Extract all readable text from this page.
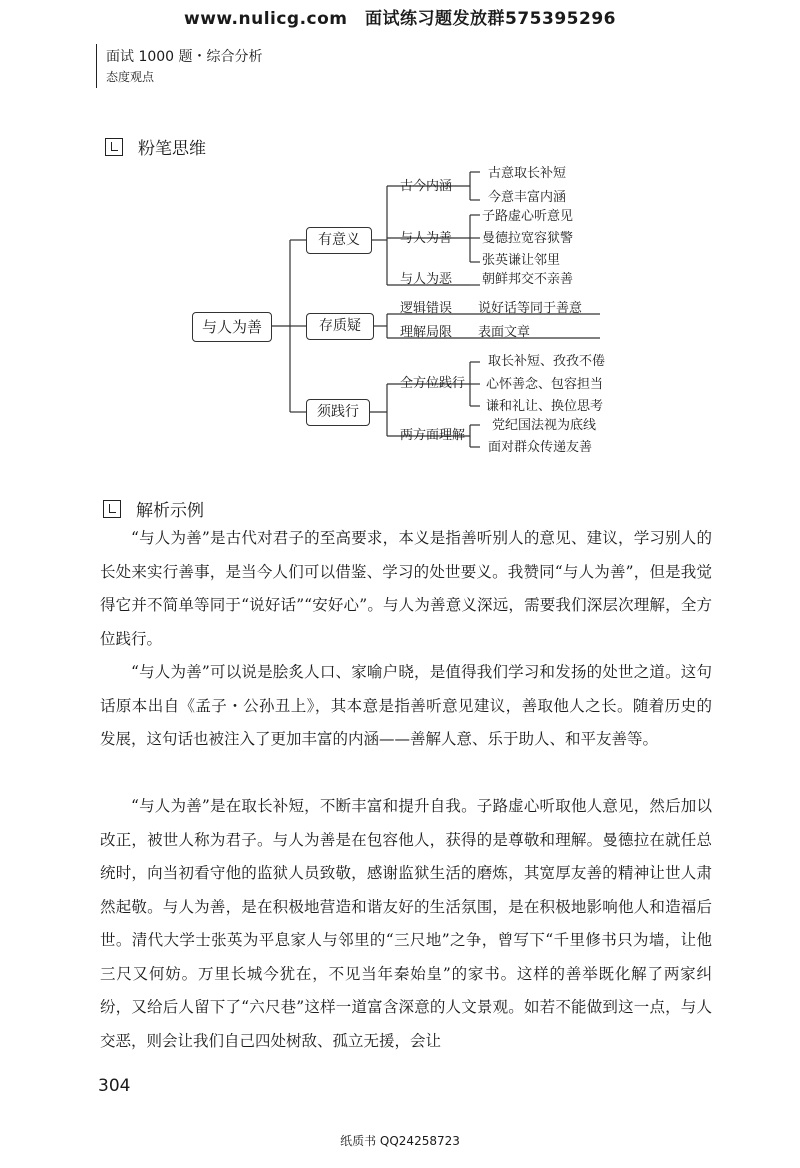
www.nulicg.com　面试练习题发放群575395296
面试 1000 题・综合分析
态度观点
粉笔思维
与人为善
有意义
存质疑
须践行
古今内涵
与人为善
与人为恶
古意取长补短
今意丰富内涵
子路虚心听意见
曼德拉宽容狱警
张英谦让邻里
朝鲜邦交不亲善
逻辑错误
理解局限
说好话等同于善意
表面文章
全方位践行
两方面理解
取长补短、孜孜不倦
心怀善念、包容担当
谦和礼让、换位思考
党纪国法视为底线
面对群众传递友善
解析示例

“与人为善”是古代对君子的至高要求，本义是指善听别人的意见、建议，学习别人的长处来实行善事，是当今人们可以借鉴、学习的处世要义。我赞同“与人为善”，但是我觉得它并不简单等同于“说好话”“安好心”。与人为善意义深远，需要我们深层次理解，全方位践行。

“与人为善”可以说是脍炙人口、家喻户晓，是值得我们学习和发扬的处世之道。这句话原本出自《孟子・公孙丑上》，其本意是指善听意见建议，善取他人之长。随着历史的发展，这句话也被注入了更加丰富的内涵——善解人意、乐于助人、和平友善等。

“与人为善”是在取长补短，不断丰富和提升自我。子路虚心听取他人意见，然后加以改正，被世人称为君子。与人为善是在包容他人，获得的是尊敬和理解。曼德拉在就任总统时，向当初看守他的监狱人员致敬，感谢监狱生活的磨炼，其宽厚友善的精神让世人肃然起敬。与人为善，是在积极地营造和谐友好的生活氛围，是在积极地影响他人和造福后世。清代大学士张英为平息家人与邻里的“三尺地”之争，曾写下“千里修书只为墙，让他三尺又何妨。万里长城今犹在，不见当年秦始皇”的家书。这样的善举既化解了两家纠纷，又给后人留下了“六尺巷”这样一道富含深意的人文景观。如若不能做到这一点，与人交恶，则会让我们自己四处树敌、孤立无援，会让

304
纸质书 QQ24258723
